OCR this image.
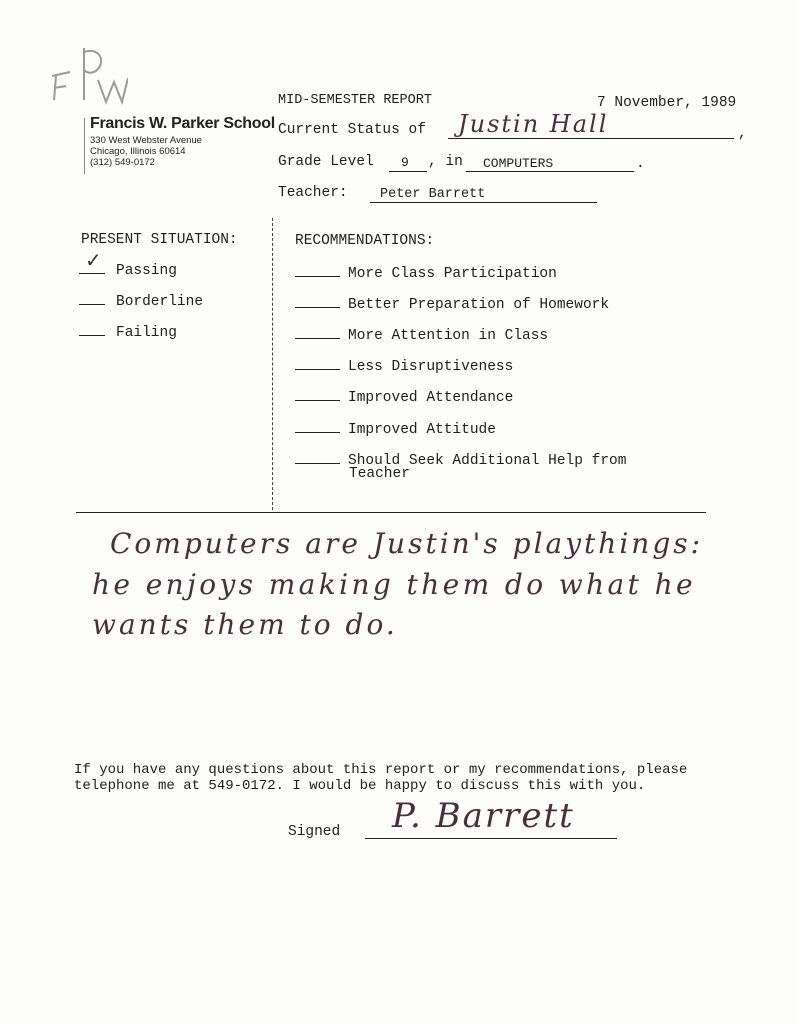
Francis W. Parker School
330 West Webster Avenue
Chicago, Illinois 60614
(312) 549-0172
MID-SEMESTER REPORT	7 November, 1989
Current Status of	,
Justin Hall
Grade Level 9 , in COMPUTERS	.
Teacher: Peter Barrett
PRESENT SITUATION:
✓ Passing
Borderline
Failing
RECOMMENDATIONS:
More Class Participation
Better Preparation of Homework
More Attention in Class
Less Disruptiveness
Improved Attendance
Improved Attitude
Should Seek Additional Help from
Teacher
Computers are Justin's playthings:
he enjoys making them do what he
wants them to do.
If you have any questions about this report or my recommendations, please
telephone me at 549-0172. I would be happy to discuss this with you.
Signed P. Barrett
